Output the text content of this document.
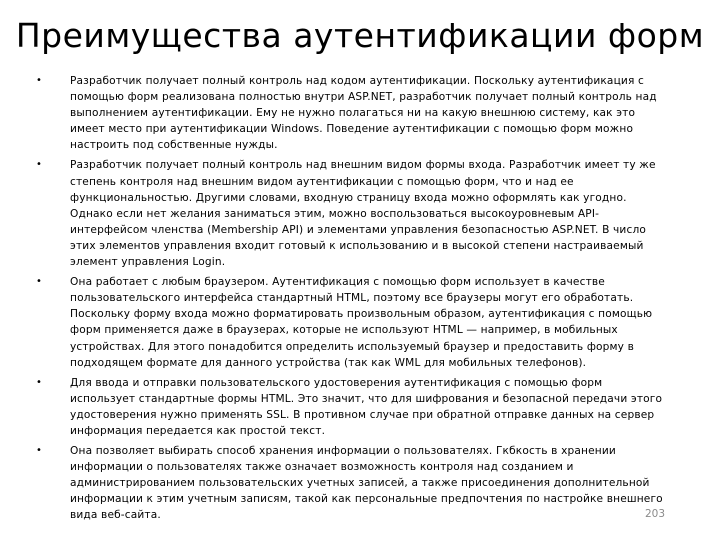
Преимущества аутентификации форм
•	Разработчик получает полный контроль над кодом аутентификации. Поскольку аутентификация с помощью форм реализована полностью внутри ASP.NET, разработчик получает полный контроль над выполнением аутентификации. Ему не нужно полагаться ни на какую внешнюю систему, как это имеет место при аутентификации Windows. Поведение аутентификации с помощью форм можно настроить под собственные нужды.
•	Разработчик получает полный контроль над внешним видом формы входа. Разработчик имеет ту же степень контроля над внешним видом аутентификации с помощью форм, что и над ее функциональностью. Другими словами, входную страницу входа можно оформлять как угодно. Однако если нет желания заниматься этим, можно воспользоваться высокоуровневым API-интерфейсом членства (Membership API) и элементами управления безопасностью ASP.NET. В число этих элементов управления входит готовый к использованию и в высокой степени настраиваемый элемент управления Login.
•	Она работает с любым браузером. Аутентификация с помощью форм использует в качестве пользовательского интерфейса стандартный HTML, поэтому все браузеры могут его обработать. Поскольку форму входа можно форматировать произвольным образом, аутентификация с помощью форм применяется даже в браузерах, которые не используют HTML — например, в мобильных устройствах. Для этого понадобится определить используемый браузер и предоставить форму в подходящем формате для данного устройства (так как WML для мобильных телефонов).
•	Для ввода и отправки пользовательского удостоверения аутентификация с помощью форм использует стандартные формы HTML. Это значит, что для шифрования и безопасной передачи этого удостоверения нужно применять SSL. В противном случае при обратной отправке данных на сервер информация передается как простой текст.
•	Она позволяет выбирать способ хранения информации о пользователях. Гкбкость в хранении информации о пользователях также означает возможность контроля над созданием и администрированием пользовательских учетных записей, а также присоединения дополнительной информации к этим учетным записям, такой как персональные предпочтения по настройке внешнего вида веб-сайта.	203
